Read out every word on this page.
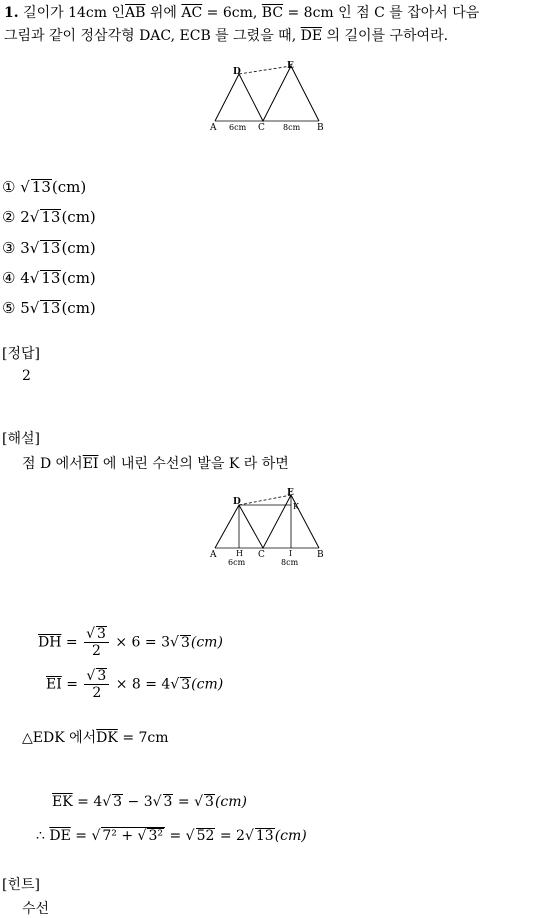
1. 길이가 14cm 인$\overline{AB}$ 위에 $\overline{AC} = 6cm$, $\overline{BC} = 8cm$ 인 점 C 를 잡아서 다음
그림과 같이 정삼각형 DAC, ECB 를 그렸을 때, $\overline{DE}$ 의 길이를 구하여라.
D
E
A	C	B
6cm	8cm
① √ 13(cm)
② 2√ 13(cm)
③ 3√ 13(cm)
④ 4√ 13(cm)
⑤ 5√ 13(cm)
[정답]
2
[해설]
점 D 에서$\overline{EI}$ 에 내린 수선의 발을 K 라 하면
D
E
K
A H C	I	B
6cm	8cm
$\overline{DH} = \frac{√ 3}{2} \times 6 = 3√$ 3(cm)
$\overline{EI} = \frac{√ 3}{2} \times 8 = 4√$ 3(cm)
△EDK 에서$\overline{DK} = 7cm$
$\overline{EK} = 4√$ 3 − 3√ 3 = √ 3(cm)
∴ $\overline{DE}$ = √ 7² + √ 3² = √ 52 = 2√ 13(cm)
[힌트]
수선
